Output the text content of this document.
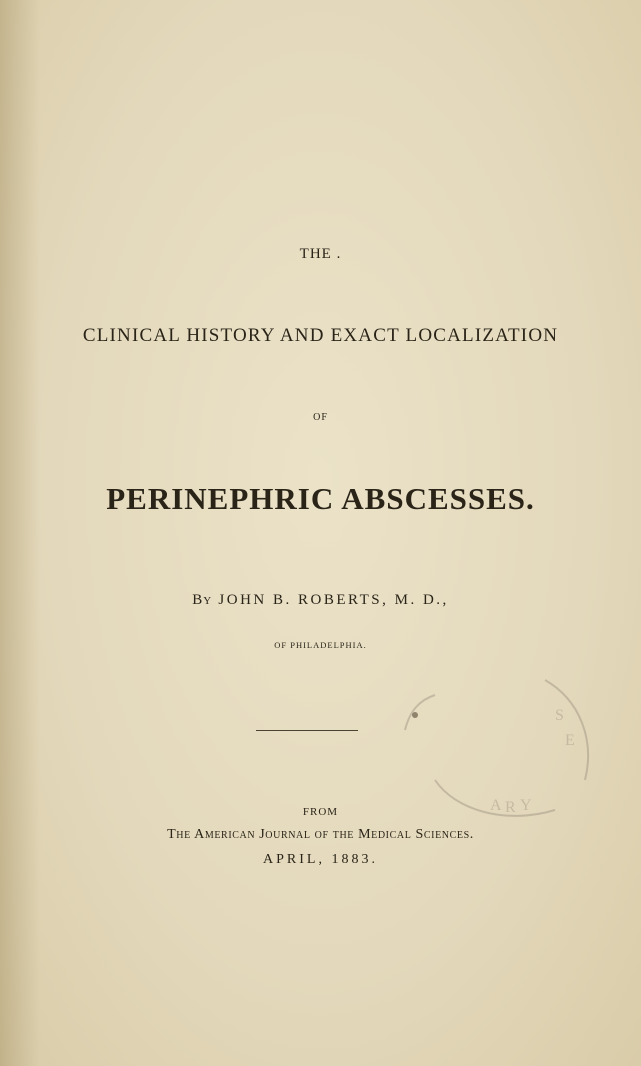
THE .
CLINICAL HISTORY AND EXACT LOCALIZATION
OF
PERINEPHRIC ABSCESSES.
By JOHN B. ROBERTS, M. D.,
OF PHILADELPHIA.
S
E
A R Y
FROM
The American Journal of the Medical Sciences.
APRIL, 1883.
